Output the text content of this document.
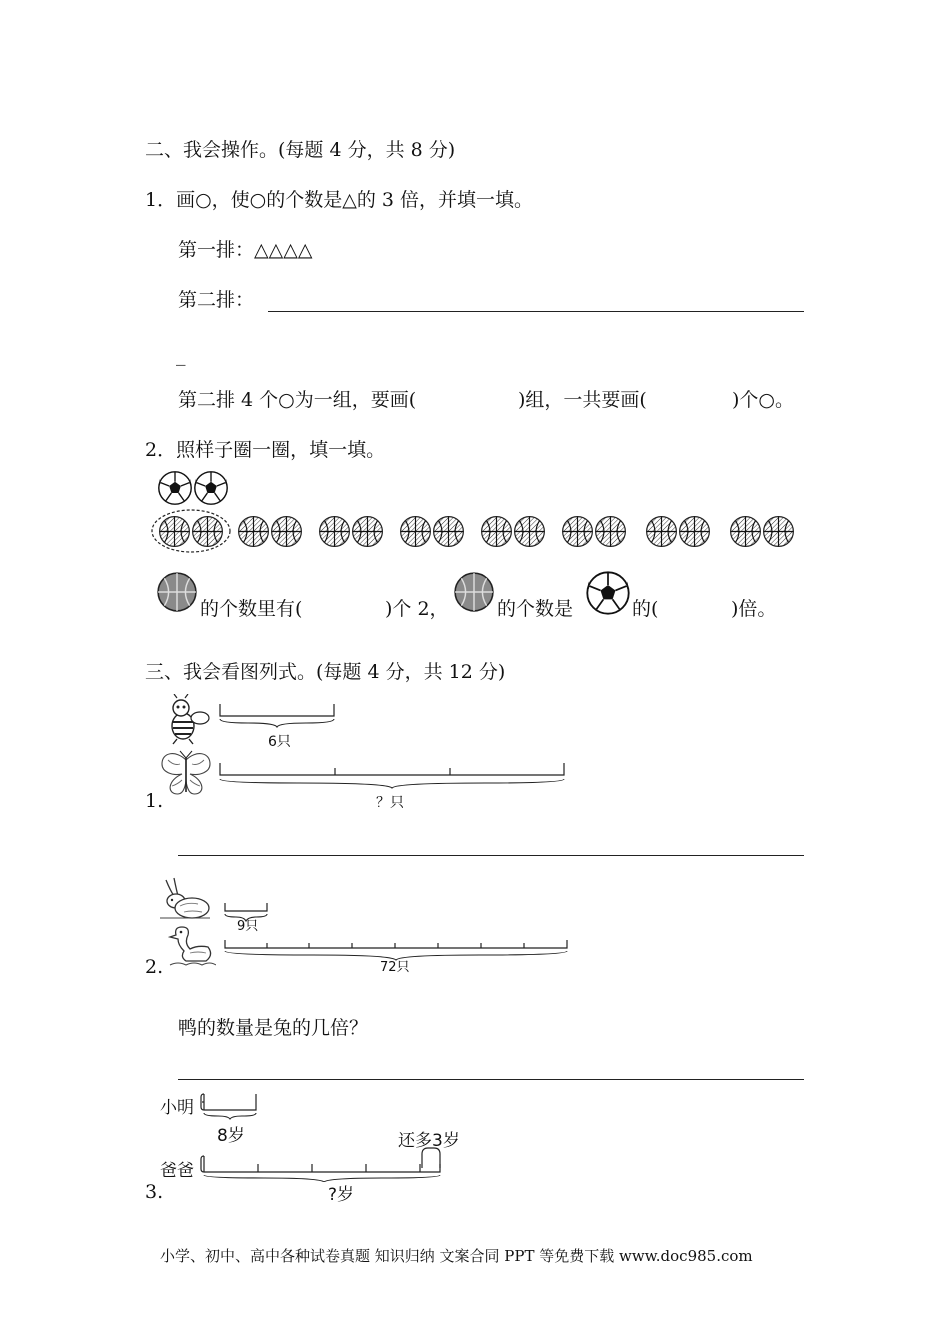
二、我会操作。(每题 4 分，共 8 分)
1．画○，使○的个数是△的 3 倍，并填一填。
第一排：△△△△
第二排：
_
第二排 4 个○为一组，要画(	)组，一共要画(	)个○。
2．照样子圈一圈，填一填。
的个数里有(	)个 2，	的个数是	的(	)倍。
三、我会看图列式。(每题 4 分，共 12 分)
6只
？只
1.
9只
72只
2.
鸭的数量是兔的几倍？
小明
8岁	还多3岁
爸爸
?岁
3.
小学、初中、高中各种试卷真题 知识归纳 文案合同 PPT 等免费下载 www.doc985.com
